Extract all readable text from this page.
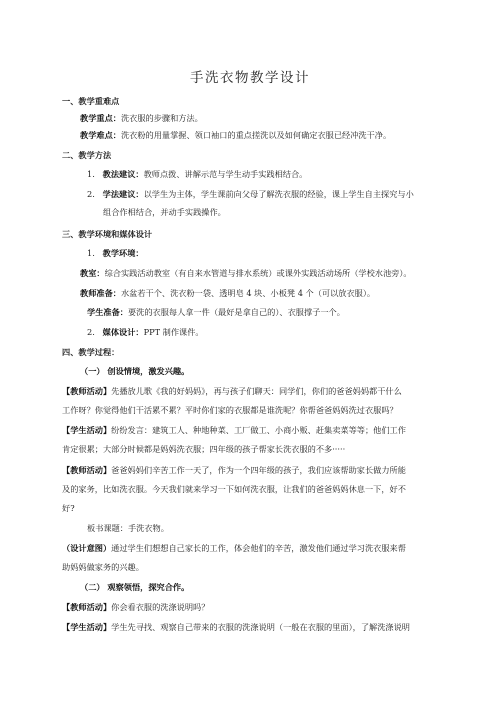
手洗衣物教学设计
一、教学重难点
教学重点：洗衣服的步骤和方法。
教学难点：洗衣粉的用量掌握、领口袖口的重点搓洗以及如何确定衣服已经冲洗干净。
二、教学方法
1. 教法建议：教师点拨、讲解示范与学生动手实践相结合。
2. 学法建议：以学生为主体，学生课前向父母了解洗衣服的经验，课上学生自主探究与小
组合作相结合，并动手实践操作。
三、教学环境和媒体设计
1. 教学环境：
教室：综合实践活动教室（有自来水管道与排水系统）或课外实践活动场所（学校水池旁）。
教师准备：水盆若干个、洗衣粉一袋、透明皂 4 块、小板凳 4 个（可以放衣服）。
学生准备：要洗的衣服每人拿一件（最好是拿自己的）、衣服撑子一个。
2. 媒体设计：PPT 制作课件。
四、教学过程：
（一） 创设情境，激发兴趣。
【教师活动】先播放儿歌《我的好妈妈》，再与孩子们聊天：同学们，你们的爸爸妈妈都干什么
工作呀？你觉得他们干活累不累？平时你们家的衣服都是谁洗呢？你帮爸爸妈妈洗过衣服吗？
【学生活动】纷纷发言：建筑工人、种地种菜、工厂做工、小商小贩、赶集卖菜等等；他们工作
肯定很累；大部分时候都是妈妈洗衣服；四年级的孩子帮家长洗衣服的不多·····
【教师活动】爸爸妈妈们辛苦工作一天了，作为一个四年级的孩子，我们应该帮助家长做力所能
及的家务，比如洗衣服。今天我们就来学习一下如何洗衣服，让我们的爸爸妈妈休息一下，好不
好?
板书课题：手洗衣物。
（设计意图）通过学生们想想自己家长的工作，体会他们的辛苦，激发他们通过学习洗衣服来帮
助妈妈做家务的兴趣。
（二） 观察领悟，探究合作。
【教师活动】你会看衣服的洗涤说明吗？
【学生活动】学生先寻找、观察自己带来的衣服的洗涤说明（一般在衣服的里面），了解洗涤说明
